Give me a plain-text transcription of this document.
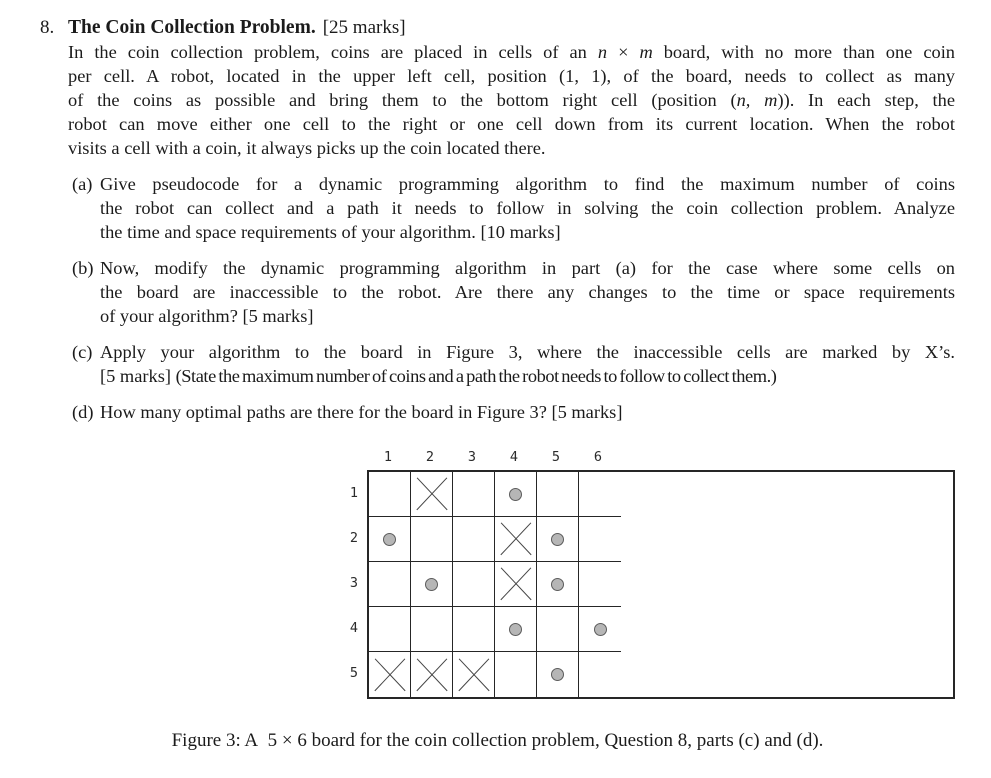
8. The Coin Collection Problem. [25 marks]
In the coin collection problem, coins are placed in cells of an n × m board, with no more than one coin
per cell. A robot, located in the upper left cell, position (1, 1), of the board, needs to collect as many
of the coins as possible and bring them to the bottom right cell (position (n, m)). In each step, the
robot can move either one cell to the right or one cell down from its current location. When the robot
visits a cell with a coin, it always picks up the coin located there.
(a) Give pseudocode for a dynamic programming algorithm to find the maximum number of coins
the robot can collect and a path it needs to follow in solving the coin collection problem. Analyze
the time and space requirements of your algorithm. [10 marks]
(b) Now, modify the dynamic programming algorithm in part (a) for the case where some cells on
the board are inaccessible to the robot. Are there any changes to the time or space requirements
of your algorithm? [5 marks]
(c) Apply your algorithm to the board in Figure 3, where the inaccessible cells are marked by X’s.
[5 marks] (State the maximum number of coins and a path the robot needs to follow to collect them.)
(d) How many optimal paths are there for the board in Figure 3? [5 marks]
1	2	3	4	5	6
1
2
3
4
5
Figure 3: A  5 × 6 board for the coin collection problem, Question 8, parts (c) and (d).
